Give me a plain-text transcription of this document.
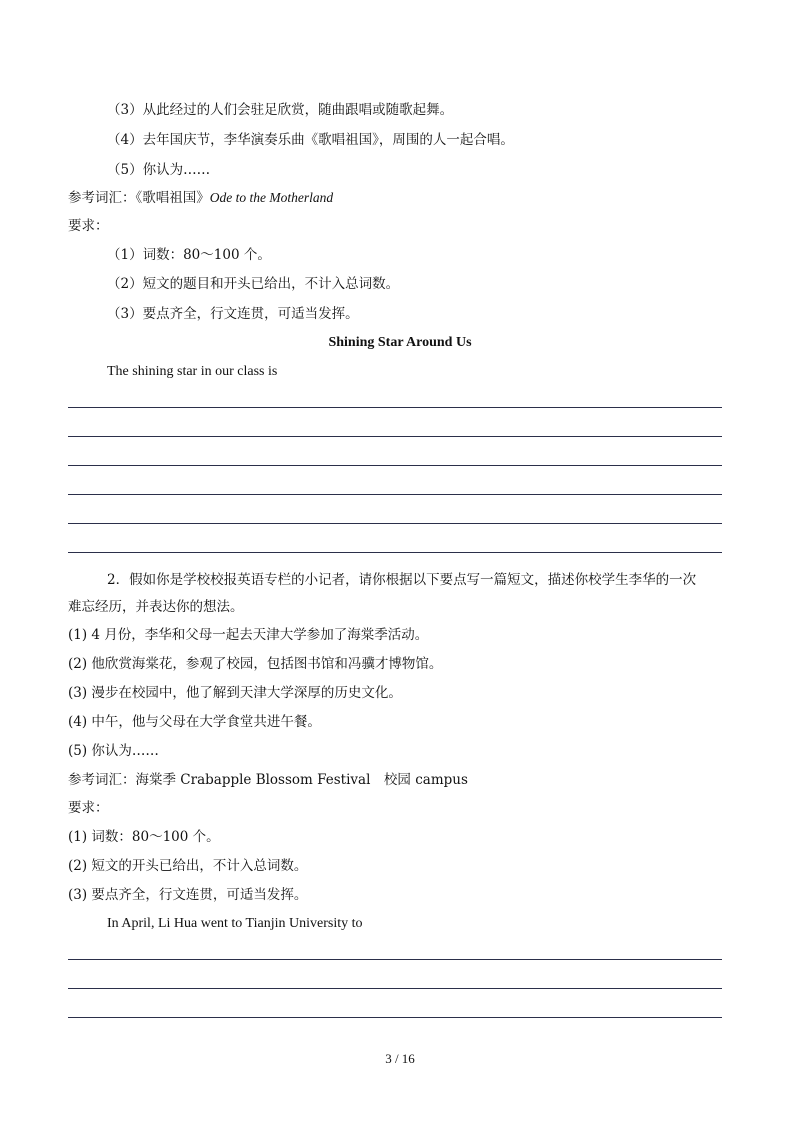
（3）从此经过的人们会驻足欣赏，随曲跟唱或随歌起舞。
（4）去年国庆节，李华演奏乐曲《歌唱祖国》，周围的人一起合唱。
（5）你认为……
参考词汇：《歌唱祖国》Ode to the Motherland
要求：
（1）词数：80～100 个。
（2）短文的题目和开头已给出，不计入总词数。
（3）要点齐全，行文连贯，可适当发挥。
Shining Star Around Us
The shining star in our class is
2．假如你是学校校报英语专栏的小记者，请你根据以下要点写一篇短文，描述你校学生李华的一次
难忘经历，并表达你的想法。
(1) 4 月份，李华和父母一起去天津大学参加了海棠季活动。
(2) 他欣赏海棠花，参观了校园，包括图书馆和冯骥才博物馆。
(3) 漫步在校园中，他了解到天津大学深厚的历史文化。
(4) 中午，他与父母在大学食堂共进午餐。
(5) 你认为……
参考词汇：海棠季 Crabapple Blossom Festival　校园 campus
要求：
(1) 词数：80～100 个。
(2) 短文的开头已给出，不计入总词数。
(3) 要点齐全，行文连贯，可适当发挥。
In April, Li Hua went to Tianjin University to
3 / 16
